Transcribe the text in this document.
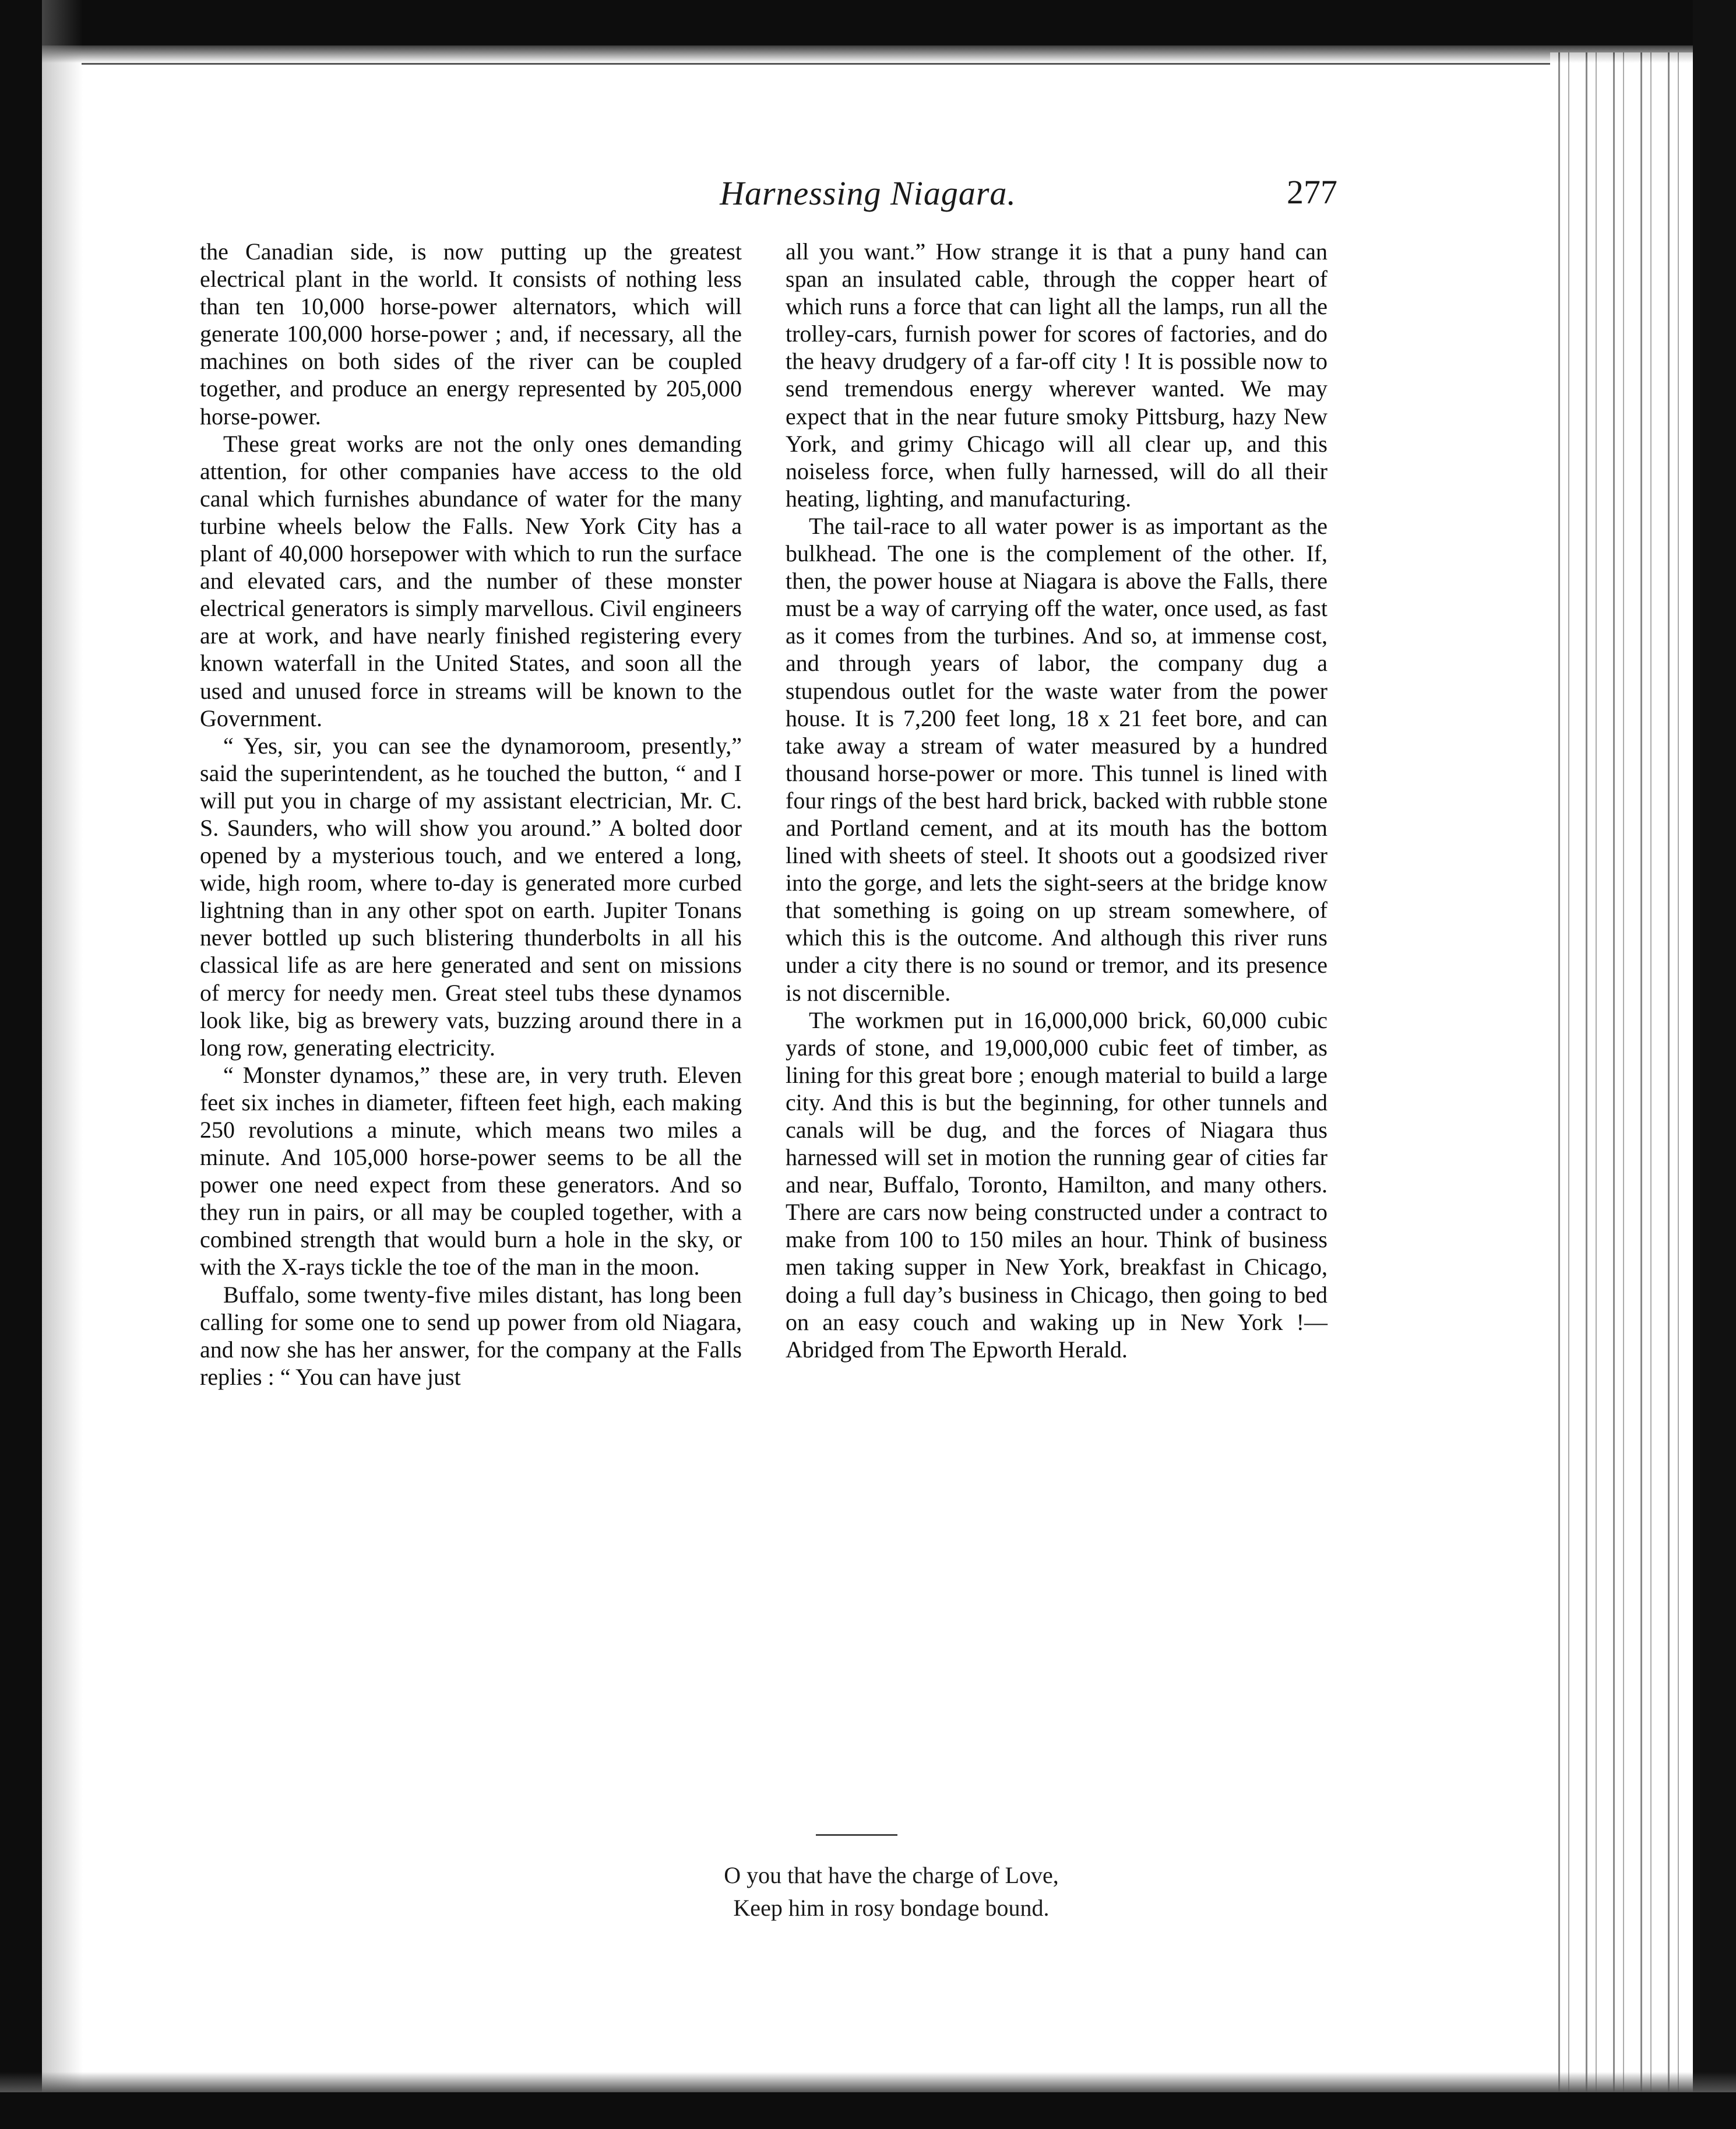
Harnessing Niagara.	277

the Canadian side, is now putting up the greatest electrical plant in the world. It consists of nothing less than ten 10,000 horse-power alternators, which will generate 100,000 horse-power ; and, if necessary, all the machines on both sides of the river can be coupled together, and produce an energy represented by 205,000 horse-power.

These great works are not the only ones demanding attention, for other companies have access to the old canal which furnishes abundance of water for the many turbine wheels below the Falls. New York City has a plant of 40,000 horsepower with which to run the surface and elevated cars, and the number of these monster electrical generators is simply marvellous. Civil engineers are at work, and have nearly finished registering every known waterfall in the United States, and soon all the used and unused force in streams will be known to the Government.

“ Yes, sir, you can see the dynamoroom, presently,” said the superintendent, as he touched the button, “ and I will put you in charge of my assistant electrician, Mr. C. S. Saunders, who will show you around.” A bolted door opened by a mysterious touch, and we entered a long, wide, high room, where to-day is generated more curbed lightning than in any other spot on earth. Jupiter Tonans never bottled up such blistering thunderbolts in all his classical life as are here generated and sent on missions of mercy for needy men. Great steel tubs these dynamos look like, big as brewery vats, buzzing around there in a long row, generating electricity.

“ Monster dynamos,” these are, in very truth. Eleven feet six inches in diameter, fifteen feet high, each making 250 revolutions a minute, which means two miles a minute. And 105,000 horse-power seems to be all the power one need expect from these generators. And so they run in pairs, or all may be coupled together, with a combined strength that would burn a hole in the sky, or with the X-rays tickle the toe of the man in the moon.

Buffalo, some twenty-five miles distant, has long been calling for some one to send up power from old Niagara, and now she has her answer, for the company at the Falls replies : “ You can have just

all you want.” How strange it is that a puny hand can span an insulated cable, through the copper heart of which runs a force that can light all the lamps, run all the trolley-cars, furnish power for scores of factories, and do the heavy drudgery of a far-off city ! It is possible now to send tremendous energy wherever wanted. We may expect that in the near future smoky Pittsburg, hazy New York, and grimy Chicago will all clear up, and this noiseless force, when fully harnessed, will do all their heating, lighting, and manufacturing.

The tail-race to all water power is as important as the bulkhead. The one is the complement of the other. If, then, the power house at Niagara is above the Falls, there must be a way of carrying off the water, once used, as fast as it comes from the turbines. And so, at immense cost, and through years of labor, the company dug a stupendous outlet for the waste water from the power house. It is 7,200 feet long, 18 x 21 feet bore, and can take away a stream of water measured by a hundred thousand horse-power or more. This tunnel is lined with four rings of the best hard brick, backed with rubble stone and Portland cement, and at its mouth has the bottom lined with sheets of steel. It shoots out a goodsized river into the gorge, and lets the sight-seers at the bridge know that something is going on up stream somewhere, of which this is the outcome. And although this river runs under a city there is no sound or tremor, and its presence is not discernible.

The workmen put in 16,000,000 brick, 60,000 cubic yards of stone, and 19,000,000 cubic feet of timber, as lining for this great bore ; enough material to build a large city. And this is but the beginning, for other tunnels and canals will be dug, and the forces of Niagara thus harnessed will set in motion the running gear of cities far and near, Buffalo, Toronto, Hamilton, and many others. There are cars now being constructed under a contract to make from 100 to 150 miles an hour. Think of business men taking supper in New York, breakfast in Chicago, doing a full day’s business in Chicago, then going to bed on an easy couch and waking up in New York !—Abridged from The Epworth Herald.

O you that have the charge of Love,
Keep him in rosy bondage bound.
